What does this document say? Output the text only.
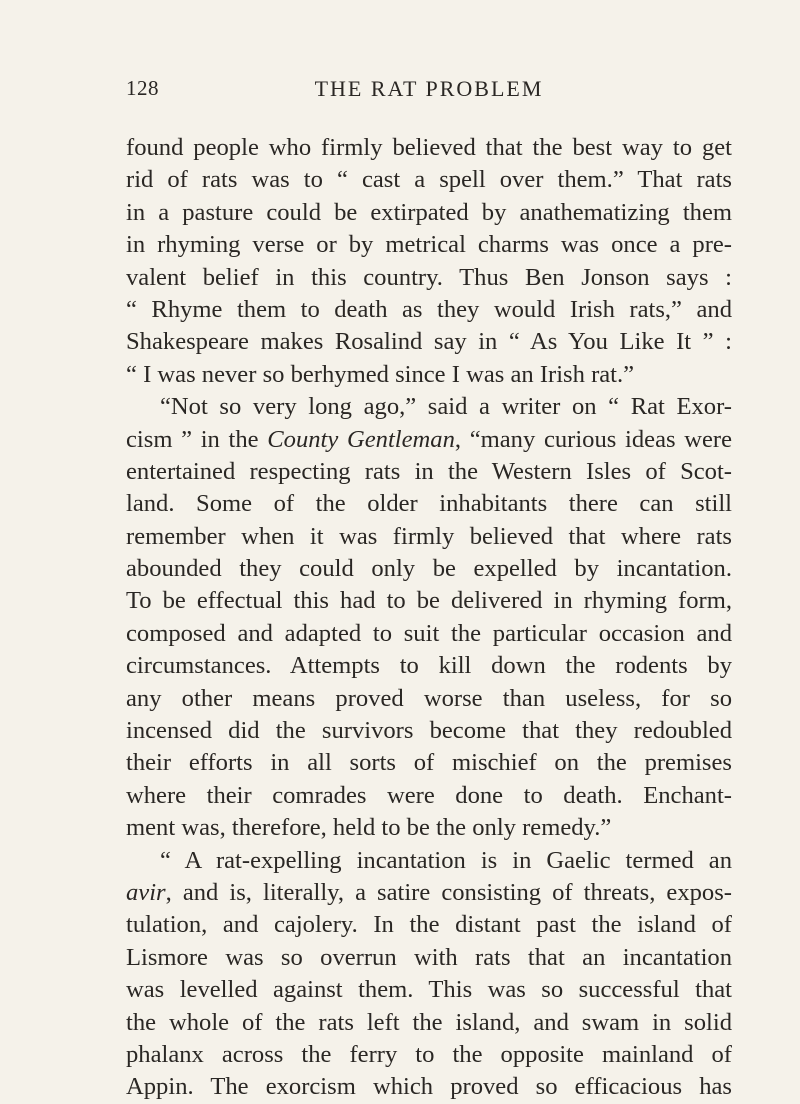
128	THE RAT PROBLEM
found people who firmly believed that the best way to get
rid of rats was to “ cast a spell over them.” That rats
in a pasture could be extirpated by anathematizing them
in rhyming verse or by metrical charms was once a pre-
valent belief in this country. Thus Ben Jonson says :
“ Rhyme them to death as they would Irish rats,” and
Shakespeare makes Rosalind say in “ As You Like It ” :
“ I was never so berhymed since I was an Irish rat.”
“Not so very long ago,” said a writer on “ Rat Exor-
cism ” in the County Gentleman, “many curious ideas were
entertained respecting rats in the Western Isles of Scot-
land. Some of the older inhabitants there can still
remember when it was firmly believed that where rats
abounded they could only be expelled by incantation.
To be effectual this had to be delivered in rhyming form,
composed and adapted to suit the particular occasion and
circumstances. Attempts to kill down the rodents by
any other means proved worse than useless, for so
incensed did the survivors become that they redoubled
their efforts in all sorts of mischief on the premises
where their comrades were done to death. Enchant-
ment was, therefore, held to be the only remedy.”
“ A rat-expelling incantation is in Gaelic termed an
avir, and is, literally, a satire consisting of threats, expos-
tulation, and cajolery. In the distant past the island of
Lismore was so overrun with rats that an incantation
was levelled against them. This was so successful that
the whole of the rats left the island, and swam in solid
phalanx across the ferry to the opposite mainland of
Appin. The exorcism which proved so efficacious has
